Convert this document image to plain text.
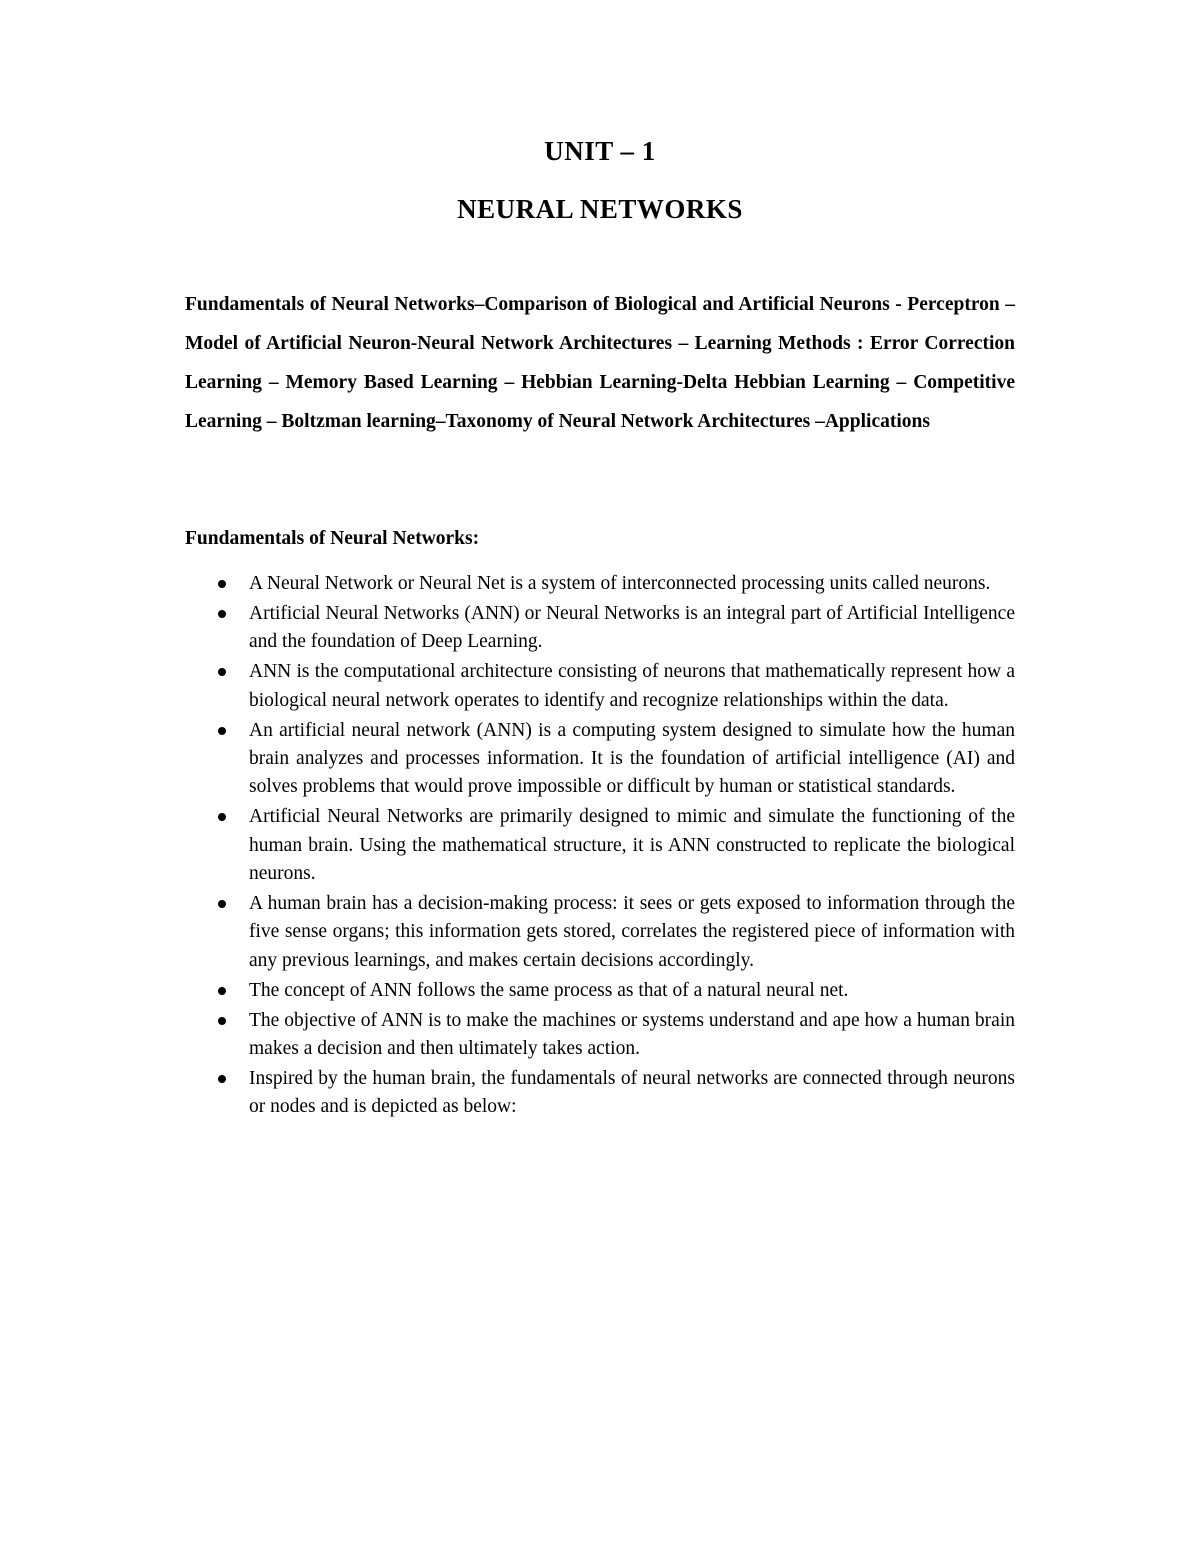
UNIT – 1
NEURAL NETWORKS

Fundamentals of Neural Networks–Comparison of Biological and Artificial Neurons - Perceptron – Model of Artificial Neuron-Neural Network Architectures – Learning Methods : Error Correction Learning – Memory Based Learning – Hebbian Learning-Delta Hebbian Learning – Competitive Learning – Boltzman learning–Taxonomy of Neural Network Architectures –Applications

Fundamentals of Neural Networks:

A Neural Network or Neural Net is a system of interconnected processing units called neurons.
Artificial Neural Networks (ANN) or Neural Networks is an integral part of Artificial Intelligence and the foundation of Deep Learning.
ANN is the computational architecture consisting of neurons that mathematically represent how a biological neural network operates to identify and recognize relationships within the data.
An artificial neural network (ANN) is a computing system designed to simulate how the human brain analyzes and processes information. It is the foundation of artificial intelligence (AI) and solves problems that would prove impossible or difficult by human or statistical standards.
Artificial Neural Networks are primarily designed to mimic and simulate the functioning of the human brain. Using the mathematical structure, it is ANN constructed to replicate the biological neurons.
A human brain has a decision-making process: it sees or gets exposed to information through the five sense organs; this information gets stored, correlates the registered piece of information with any previous learnings, and makes certain decisions accordingly.
The concept of ANN follows the same process as that of a natural neural net.
The objective of ANN is to make the machines or systems understand and ape how a human brain makes a decision and then ultimately takes action.
Inspired by the human brain, the fundamentals of neural networks are connected through neurons or nodes and is depicted as below:
